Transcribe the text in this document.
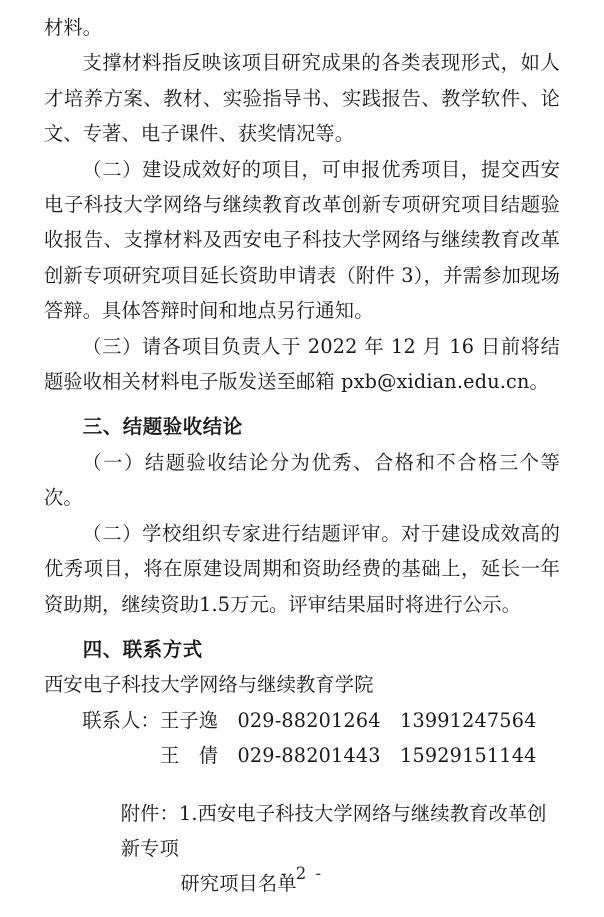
材料。

支撑材料指反映该项目研究成果的各类表现形式，如人才培养方案、教材、实验指导书、实践报告、教学软件、论文、专著、电子课件、获奖情况等。

（二）建设成效好的项目，可申报优秀项目，提交西安电子科技大学网络与继续教育改革创新专项研究项目结题验收报告、支撑材料及西安电子科技大学网络与继续教育改革创新专项研究项目延长资助申请表（附件 3），并需参加现场答辩。具体答辩时间和地点另行通知。

（三）请各项目负责人于 2022 年 12 月 16 日前将结题验收相关材料电子版发送至邮箱 pxb@xidian.edu.cn。

三、结题验收结论

（一）结题验收结论分为优秀、合格和不合格三个等次。

（二）学校组织专家进行结题评审。对于建设成效高的优秀项目，将在原建设周期和资助经费的基础上，延长一年资助期，继续资助1.5万元。评审结果届时将进行公示。

四、联系方式

西安电子科技大学网络与继续教育学院

联系人：王子逸　029-88201264　13991247564

　　　　王　倩　029-88201443　15929151144

附件：1.西安电子科技大学网络与继续教育改革创新专项

研究项目名单

- 2 -
